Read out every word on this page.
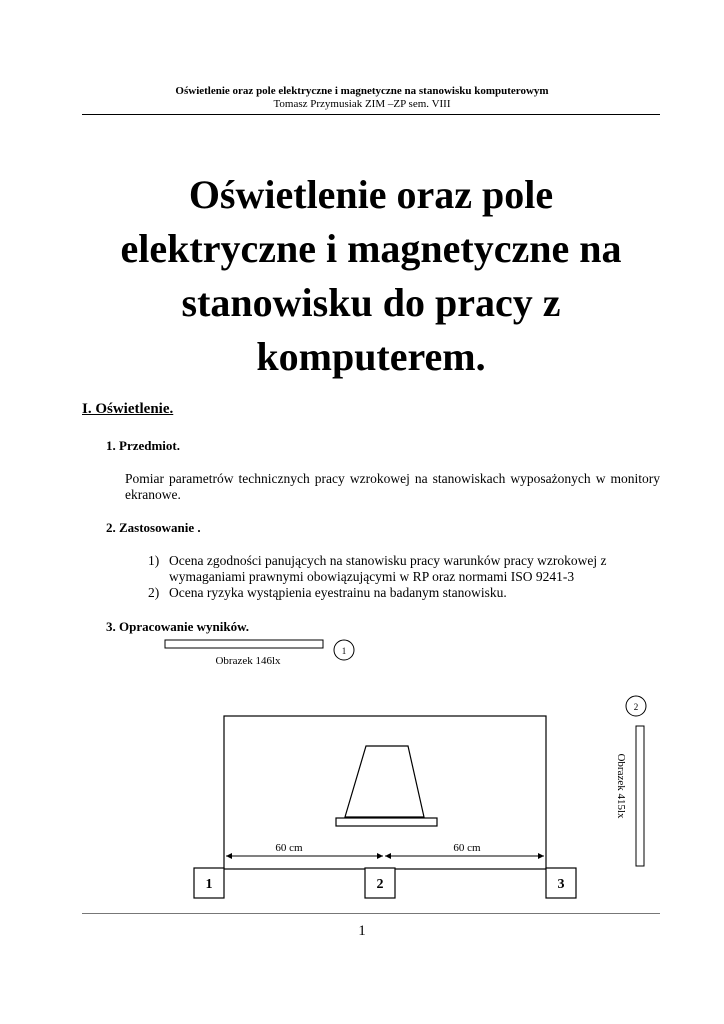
Oświetlenie oraz pole elektryczne i magnetyczne na stanowisku komputerowym
Tomasz Przymusiak ZIM –ZP sem. VIII
Oświetlenie oraz pole
elektryczne i magnetyczne na
stanowisku do pracy z
komputerem.
I. Oświetlenie.
1. Przedmiot.
Pomiar parametrów technicznych pracy wzrokowej na stanowiskach wyposażonych w monitory ekranowe.
2. Zastosowanie .
1) Ocena zgodności panujących na stanowisku pracy warunków pracy wzrokowej z wymaganiami prawnymi obowiązującymi w RP oraz normami ISO 9241-3
2) Ocena ryzyka wystąpienia eyestrainu na badanym stanowisku.
3. Opracowanie wyników.
Obrazek 146lx
1
2
Obrazek 415lx
60 cm	60 cm
1	2	3
1
